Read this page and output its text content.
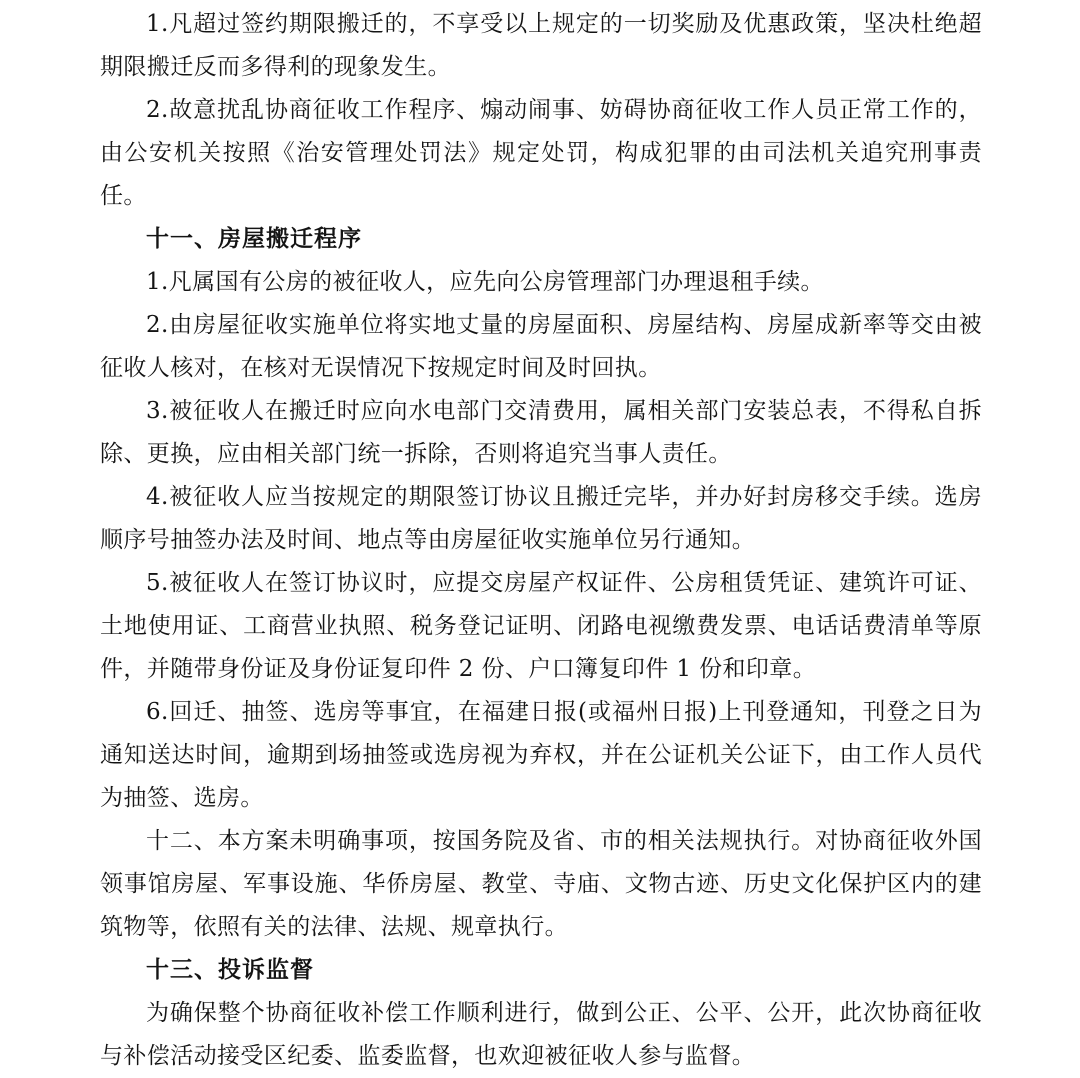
1.凡超过签约期限搬迁的，不享受以上规定的一切奖励及优惠政策，坚决杜绝超期限搬迁反而多得利的现象发生。

2.故意扰乱协商征收工作程序、煽动闹事、妨碍协商征收工作人员正常工作的，由公安机关按照《治安管理处罚法》规定处罚，构成犯罪的由司法机关追究刑事责任。

十一、房屋搬迁程序

1.凡属国有公房的被征收人，应先向公房管理部门办理退租手续。

2.由房屋征收实施单位将实地丈量的房屋面积、房屋结构、房屋成新率等交由被征收人核对，在核对无误情况下按规定时间及时回执。

3.被征收人在搬迁时应向水电部门交清费用，属相关部门安装总表，不得私自拆除、更换，应由相关部门统一拆除，否则将追究当事人责任。

4.被征收人应当按规定的期限签订协议且搬迁完毕，并办好封房移交手续。选房顺序号抽签办法及时间、地点等由房屋征收实施单位另行通知。

5.被征收人在签订协议时，应提交房屋产权证件、公房租赁凭证、建筑许可证、土地使用证、工商营业执照、税务登记证明、闭路电视缴费发票、电话话费清单等原件，并随带身份证及身份证复印件 2 份、户口簿复印件 1 份和印章。

6.回迁、抽签、选房等事宜，在福建日报(或福州日报)上刊登通知，刊登之日为通知送达时间，逾期到场抽签或选房视为弃权，并在公证机关公证下，由工作人员代为抽签、选房。

十二、本方案未明确事项，按国务院及省、市的相关法规执行。对协商征收外国领事馆房屋、军事设施、华侨房屋、教堂、寺庙、文物古迹、历史文化保护区内的建筑物等，依照有关的法律、法规、规章执行。

十三、投诉监督

为确保整个协商征收补偿工作顺利进行，做到公正、公平、公开，此次协商征收与补偿活动接受区纪委、监委监督，也欢迎被征收人参与监督。
